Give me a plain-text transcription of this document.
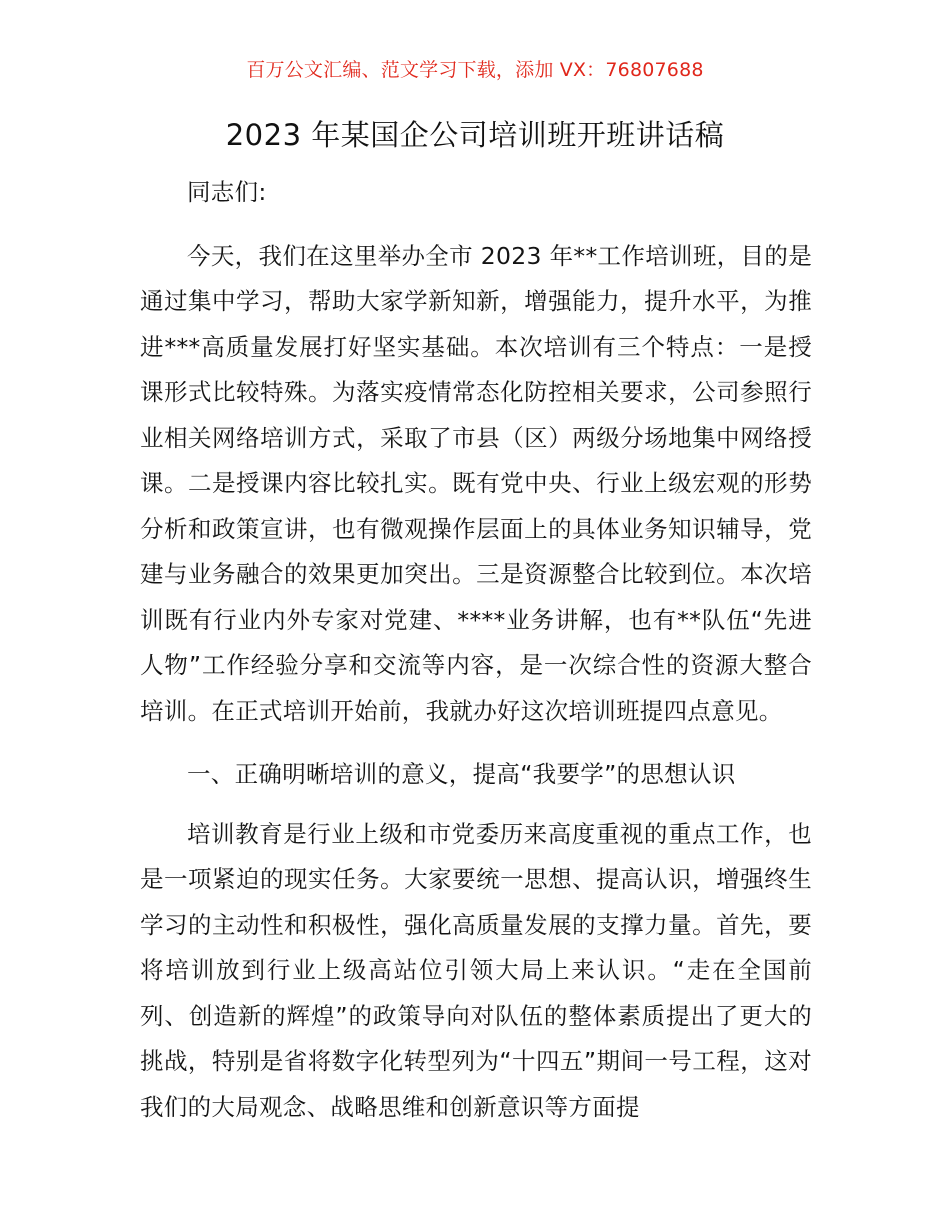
百万公文汇编、范文学习下载，添加 VX：76807688
2023 年某国企公司培训班开班讲话稿

同志们:

今天，我们在这里举办全市 2023 年**工作培训班，目的是通过集中学习，帮助大家学新知新，增强能力，提升水平，为推进***高质量发展打好坚实基础。本次培训有三个特点：一是授课形式比较特殊。为落实疫情常态化防控相关要求，公司参照行业相关网络培训方式，采取了市县（区）两级分场地集中网络授课。二是授课内容比较扎实。既有党中央、行业上级宏观的形势分析和政策宣讲，也有微观操作层面上的具体业务知识辅导，党建与业务融合的效果更加突出。三是资源整合比较到位。本次培训既有行业内外专家对党建、****业务讲解，也有**队伍“先进人物”工作经验分享和交流等内容，是一次综合性的资源大整合培训。在正式培训开始前，我就办好这次培训班提四点意见。

一、正确明晰培训的意义，提高“我要学”的思想认识

培训教育是行业上级和市党委历来高度重视的重点工作，也是一项紧迫的现实任务。大家要统一思想、提高认识，增强终生学习的主动性和积极性，强化高质量发展的支撑力量。首先，要将培训放到行业上级高站位引领大局上来认识。“走在全国前列、创造新的辉煌”的政策导向对队伍的整体素质提出了更大的挑战，特别是省将数字化转型列为“十四五”期间一号工程，这对我们的大局观念、战略思维和创新意识等方面提
